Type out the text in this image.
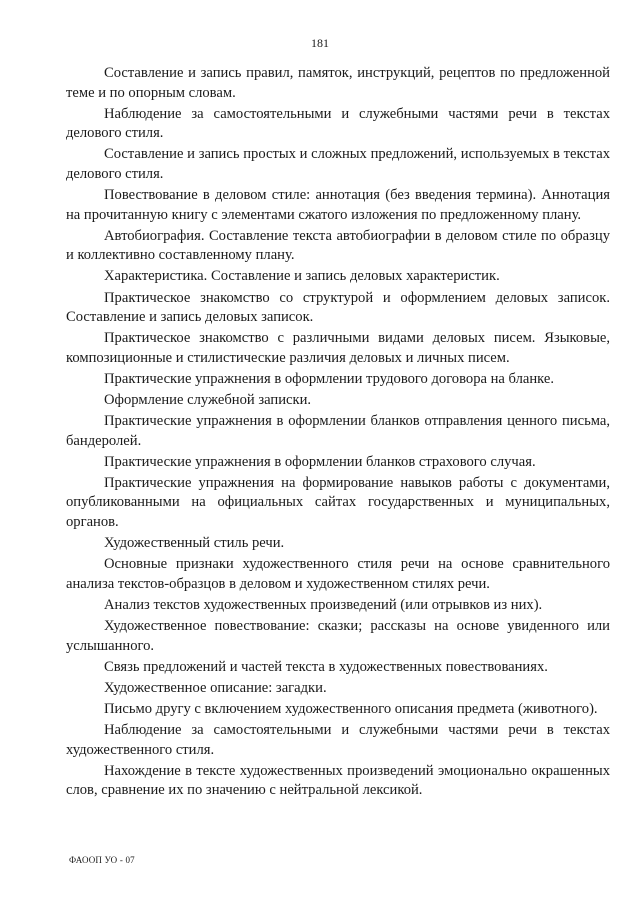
181

Составление и запись правил, памяток, инструкций, рецептов по предложенной теме и по опорным словам.

Наблюдение за самостоятельными и служебными частями речи в текстах делового стиля.

Составление и запись простых и сложных предложений, используемых в текстах делового стиля.

Повествование в деловом стиле: аннотация (без введения термина). Аннотация на прочитанную книгу с элементами сжатого изложения по предложенному плану.

Автобиография. Составление текста автобиографии в деловом стиле по образцу и коллективно составленному плану.

Характеристика. Составление и запись деловых характеристик.

Практическое знакомство со структурой и оформлением деловых записок. Составление и запись деловых записок.

Практическое знакомство с различными видами деловых писем. Языковые, композиционные и стилистические различия деловых и личных писем.

Практические упражнения в оформлении трудового договора на бланке.

Оформление служебной записки.

Практические упражнения в оформлении бланков отправления ценного письма, бандеролей.

Практические упражнения в оформлении бланков страхового случая.

Практические упражнения на формирование навыков работы с документами, опубликованными на официальных сайтах государственных и муниципальных, органов.

Художественный стиль речи.

Основные признаки художественного стиля речи на основе сравнительного анализа текстов-образцов в деловом и художественном стилях речи.

Анализ текстов художественных произведений (или отрывков из них).

Художественное повествование: сказки; рассказы на основе увиденного или услышанного.

Связь предложений и частей текста в художественных повествованиях.

Художественное описание: загадки.

Письмо другу с включением художественного описания предмета (животного).

Наблюдение за самостоятельными и служебными частями речи в текстах художественного стиля.

Нахождение в тексте художественных произведений эмоционально окрашенных слов, сравнение их по значению с нейтральной лексикой.

ФАООП УО - 07
